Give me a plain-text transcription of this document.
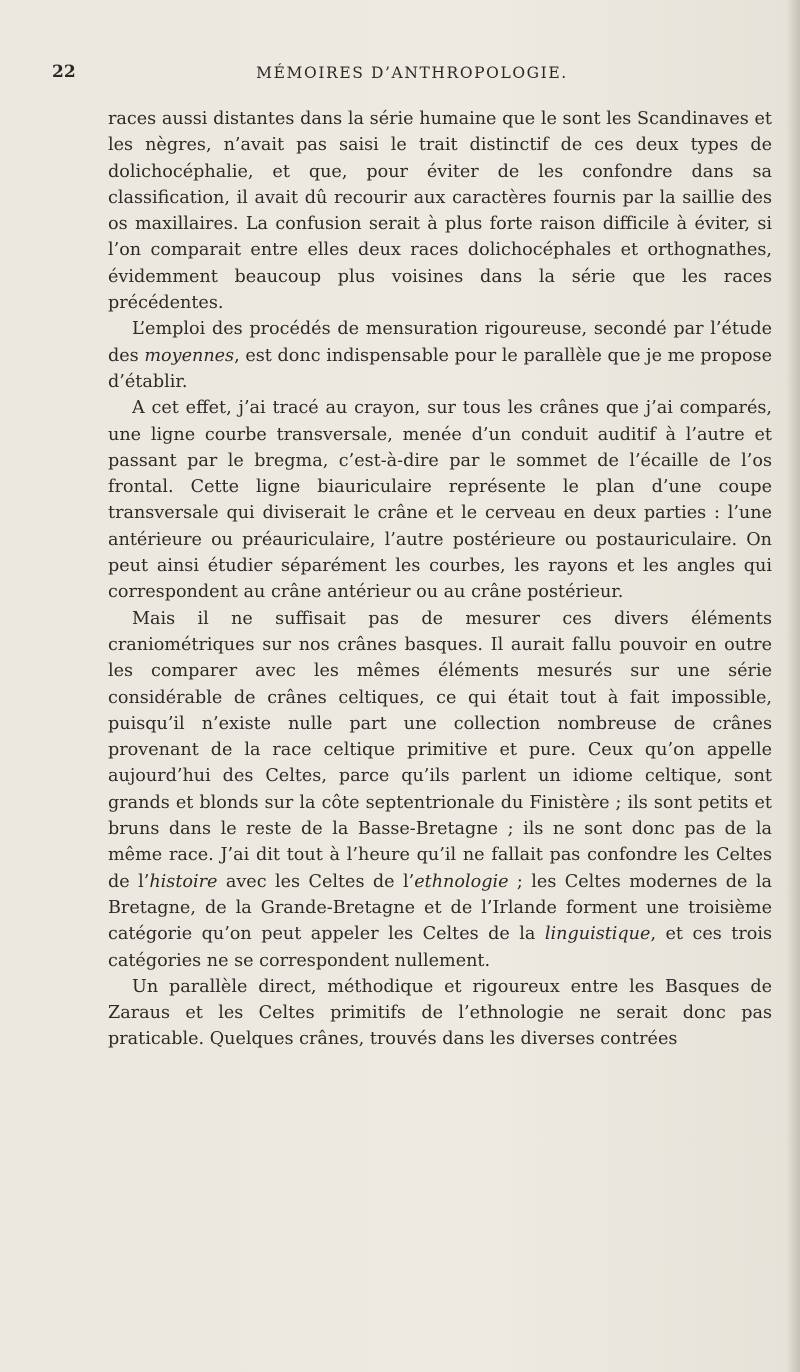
22	MÉMOIRES D’ANTHROPOLOGIE.

races aussi distantes dans la série humaine que le sont les Scandinaves et les nègres, n’avait pas saisi le trait distinctif de ces deux types de dolichocéphalie, et que, pour éviter de les confondre dans sa classification, il avait dû recourir aux caractères fournis par la saillie des os maxillaires. La confusion serait à plus forte raison difficile à éviter, si l’on comparait entre elles deux races dolichocéphales et orthognathes, évidemment beaucoup plus voisines dans la série que les races précédentes.

L’emploi des procédés de mensuration rigoureuse, secondé par l’étude des moyennes, est donc indispensable pour le parallèle que je me propose d’établir.

A cet effet, j’ai tracé au crayon, sur tous les crânes que j’ai comparés, une ligne courbe transversale, menée d’un conduit auditif à l’autre et passant par le bregma, c’est-à-dire par le sommet de l’écaille de l’os frontal. Cette ligne biauriculaire représente le plan d’une coupe transversale qui diviserait le crâne et le cerveau en deux parties : l’une antérieure ou préauriculaire, l’autre postérieure ou postauriculaire. On peut ainsi étudier séparément les courbes, les rayons et les angles qui correspondent au crâne antérieur ou au crâne postérieur.

Mais il ne suffisait pas de mesurer ces divers éléments craniométriques sur nos crânes basques. Il aurait fallu pouvoir en outre les comparer avec les mêmes éléments mesurés sur une série considérable de crânes celtiques, ce qui était tout à fait impossible, puisqu’il n’existe nulle part une collection nombreuse de crânes provenant de la race celtique primitive et pure. Ceux qu’on appelle aujourd’hui des Celtes, parce qu’ils parlent un idiome celtique, sont grands et blonds sur la côte septentrionale du Finistère ; ils sont petits et bruns dans le reste de la Basse-Bretagne ; ils ne sont donc pas de la même race. J’ai dit tout à l’heure qu’il ne fallait pas confondre les Celtes de l’histoire avec les Celtes de l’ethnologie ; les Celtes modernes de la Bretagne, de la Grande-Bretagne et de l’Irlande forment une troisième catégorie qu’on peut appeler les Celtes de la linguistique, et ces trois catégories ne se correspondent nullement.

Un parallèle direct, méthodique et rigoureux entre les Basques de Zaraus et les Celtes primitifs de l’ethnologie ne serait donc pas praticable. Quelques crânes, trouvés dans les diverses contrées
